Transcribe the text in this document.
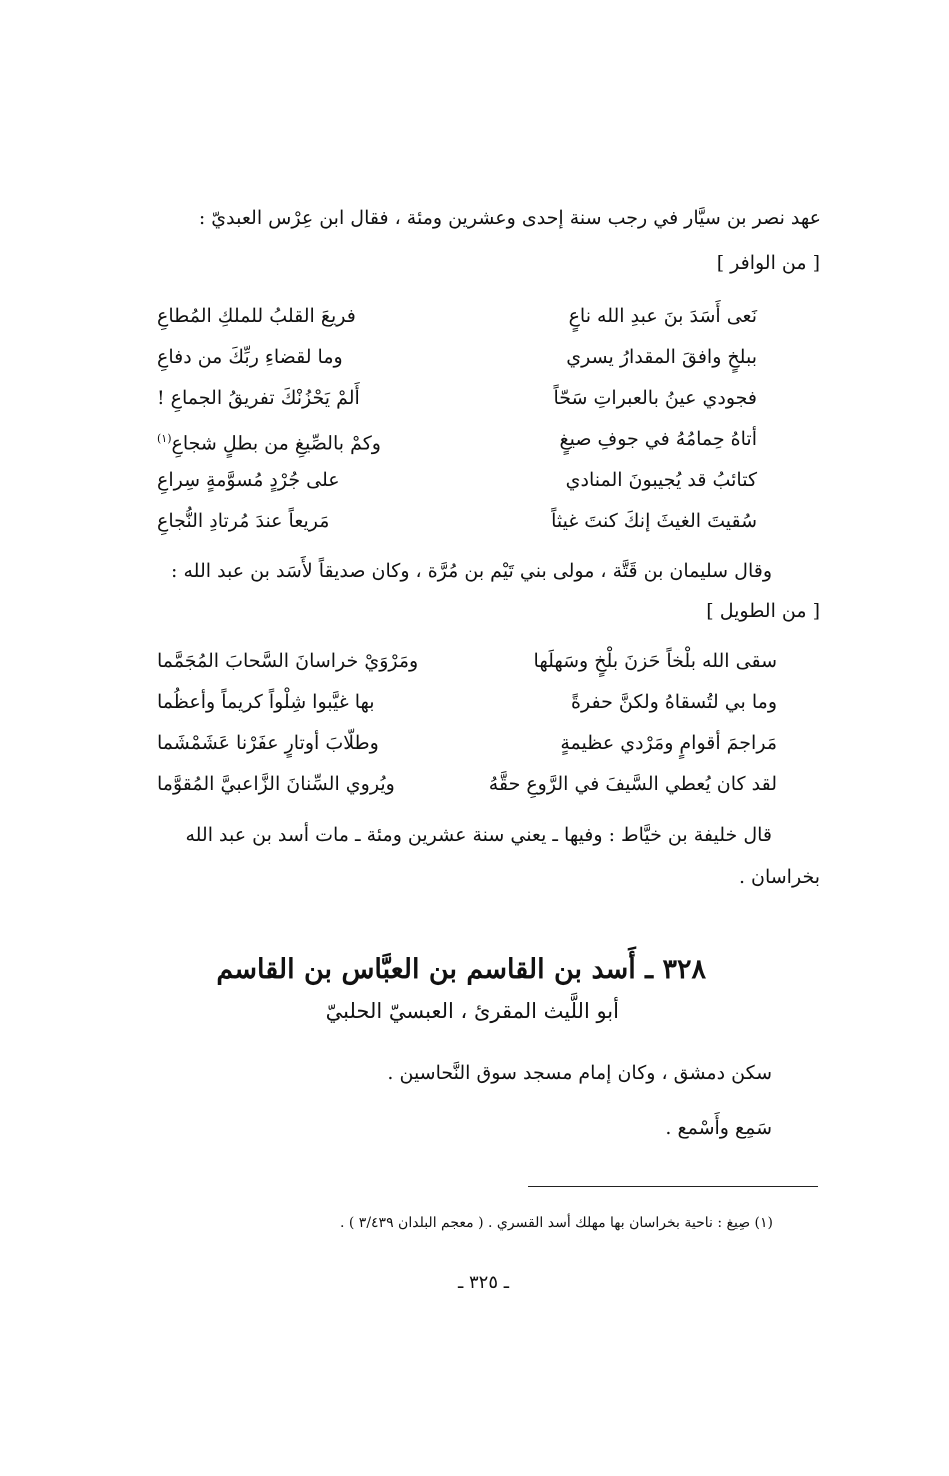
عهد نصر بن سيَّار في رجب سنة إحدى وعشرين ومئة ، فقال ابن عِرْس العبديّ :
[ من الوافر ]
نَعى أَسَدَ بنَ عبدِ الله ناعٍ
فريعَ القلبُ للملكِ المُطاعِ
ببلخٍ وافقَ المقدارُ يسري
وما لقضاءِ ربِّكَ من دفاعِ
فجودي عينُ بالعبراتِ سَحّاً
أَلمْ يَحْزُنْكَ تفريقُ الجماعِ !
أتاهُ حِمامُهُ في جوفِ صيغٍ
وكمْ بالصِّيغِ من بطلٍ شجاعِ$^{(١)}$
كتائبُ قد يُجيبونَ المنادي
على جُرْدٍ مُسوَّمةٍ سِراعِ
سُقيتَ الغيثَ إنكَ كنتَ غيثاً
مَريعاً عندَ مُرتادِ النُّجاعِ
وقال سليمان بن قَتَّة ، مولى بني تَيْم بن مُرَّة ، وكان صديقاً لأَسَد بن عبد الله :
[ من الطويل ]
سقى الله بلْخاً حَزنَ بلْخٍ وسَهلَها
ومَرْوَيْ خراسانَ السَّحابَ المُجَمَّما
وما بي لتُسقاهُ ولكنَّ حفرةً
بها غيَّبوا شِلْواً كريماً وأعظُما
مَراجمَ أقوامٍ ومَرْدي عظيمةٍ
وطلّابَ أوتارٍ عفَرْنا عَشَمْشَما
لقد كان يُعطي السَّيفَ في الرَّوعِ حقَّهُ
ويُروي السِّنانَ الزَّاعبيَّ المُقوَّما
قال خليفة بن خيَّاط : وفيها ـ يعني سنة عشرين ومئة ـ مات أسد بن عبد الله
بخراسان .
٣٢٨ ـ أَسد بن القاسم بن العبَّاس بن القاسم
أبو اللَّيث المقرئ ، العبسيّ الحلبيّ
سكن دمشق ، وكان إمام مسجد سوق النَّحاسين .
سَمِع وأَسْمع .
(١) صِيغ : ناحية بخراسان بها مهلك أسد القسري . ( معجم البلدان ٣/٤٣٩ ) .
ـ ٣٢٥ ـ
